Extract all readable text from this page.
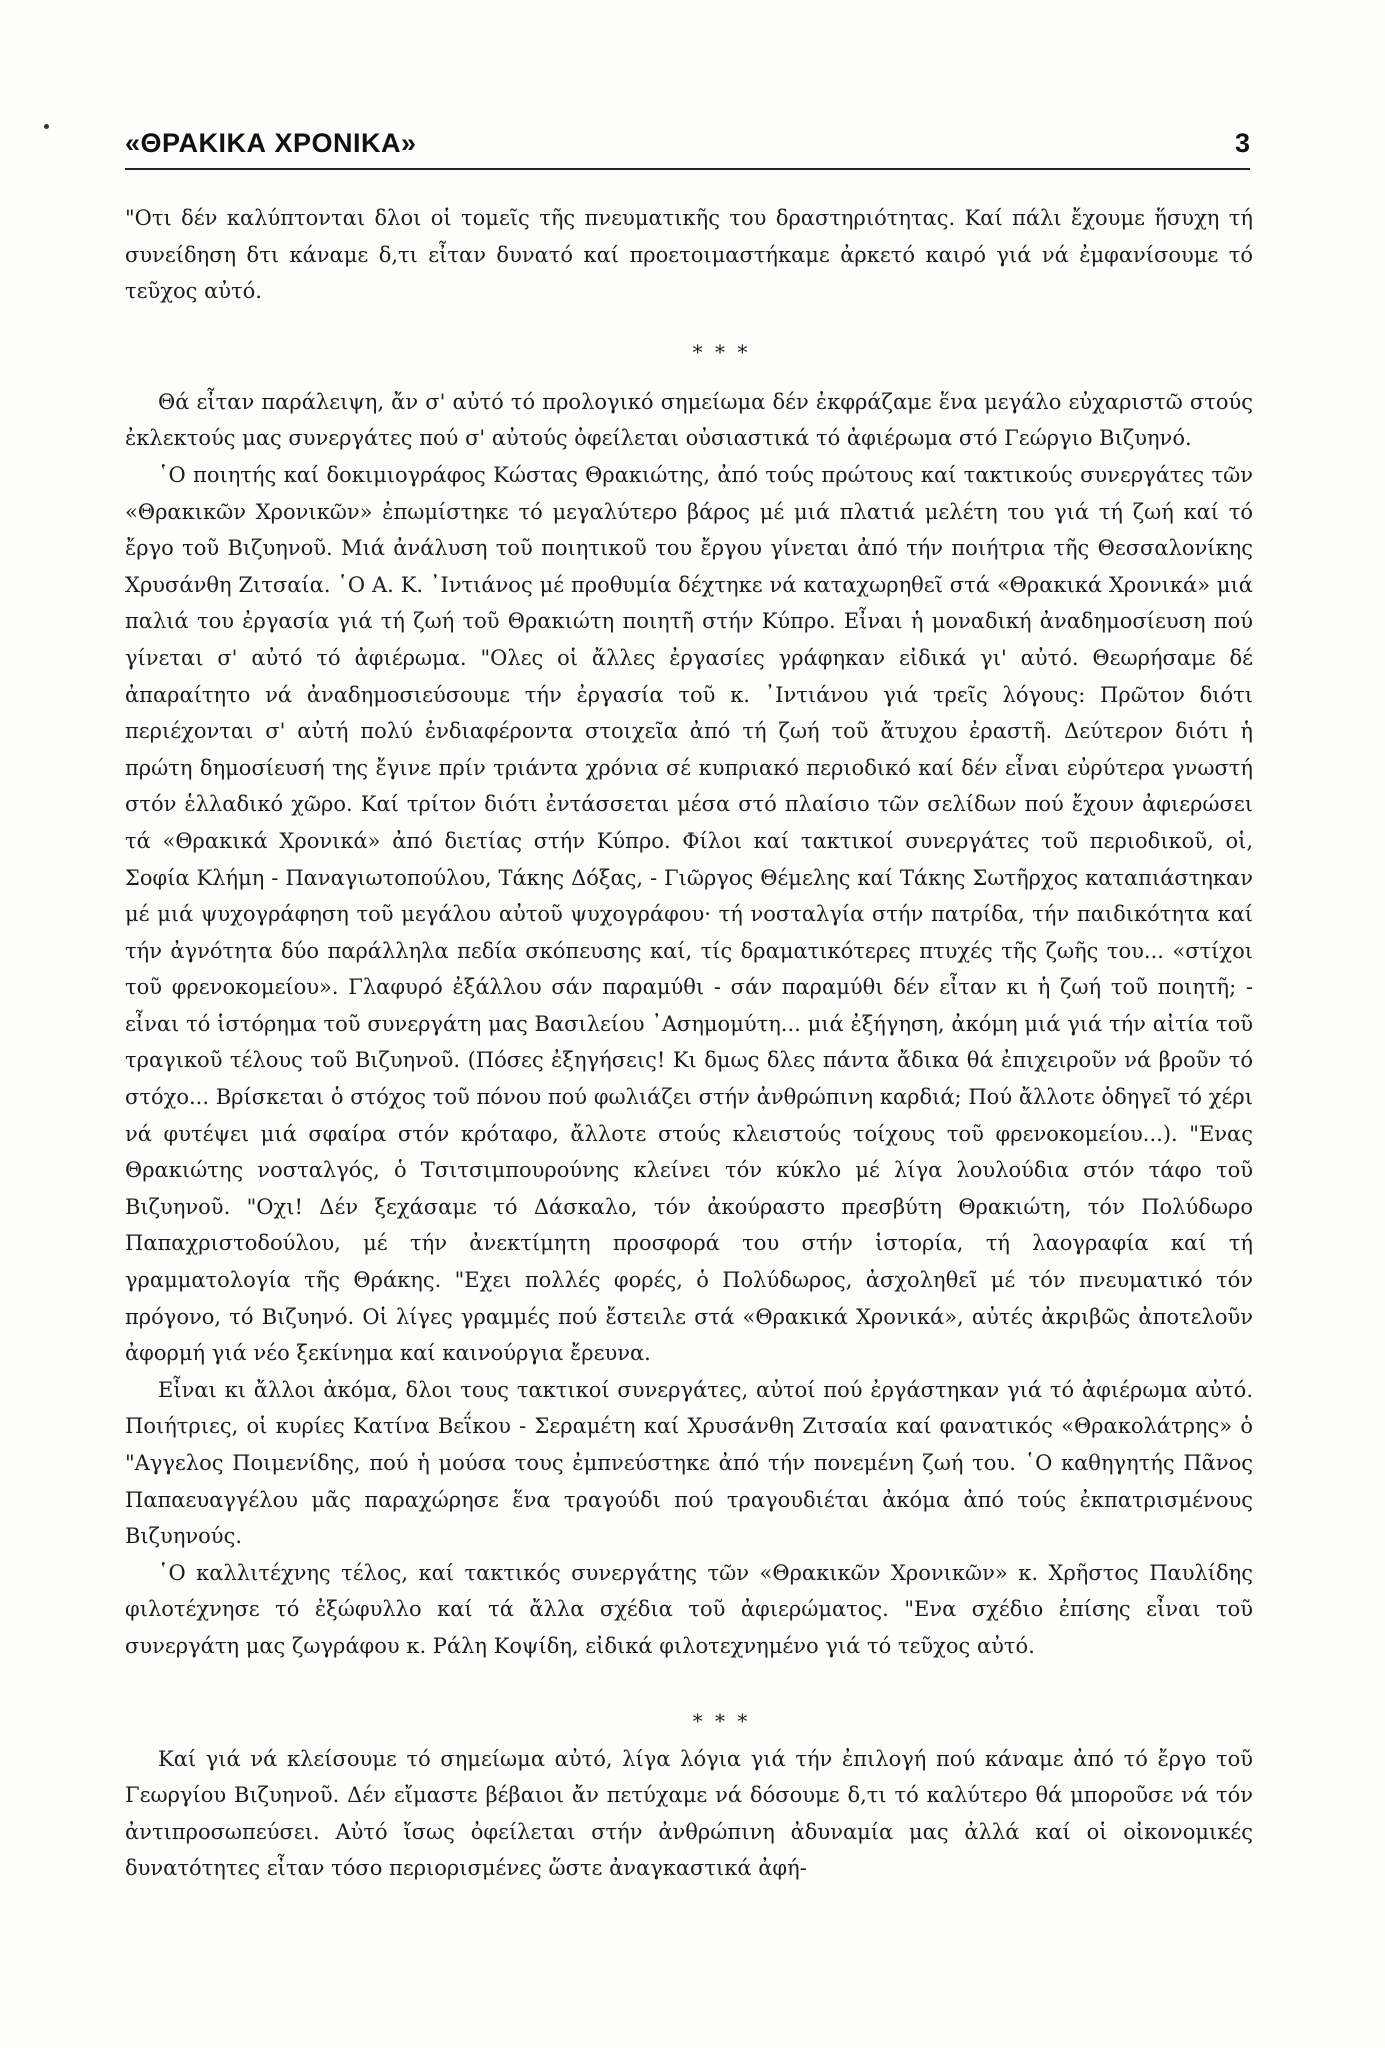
«ΘΡΑΚΙΚΑ ΧΡΟΝΙΚΑ»	3

"Οτι δέν καλύπτονται δλοι οἱ τομεῖς τῆς πνευματικῆς του δραστηριότητας. Καί πάλι ἔχουμε ἥσυχη τή συνείδηση δτι κάναμε δ,τι εἶταν δυνατό καί προετοιμαστήκαμε ἀρκετό καιρό γιά νά ἐμφανίσουμε τό τεῦχος αὐτό.

* * *

Θά εἶταν παράλειψη, ἄν σ' αὐτό τό προλογικό σημείωμα δέν ἐκφράζαμε ἕνα μεγάλο εὐχαριστῶ στούς ἐκλεκτούς μας συνεργάτες πού σ' αὐτούς ὀφείλεται οὐσιαστικά τό ἀφιέρωμα στό Γεώργιο Βιζυηνό.

῾Ο ποιητής καί δοκιμιογράφος Κώστας Θρακιώτης, ἀπό τούς πρώτους καί τακτικούς συνεργάτες τῶν «Θρακικῶν Χρονικῶν» ἐπωμίστηκε τό μεγαλύτερο βάρος μέ μιά πλατιά μελέτη του γιά τή ζωή καί τό ἔργο τοῦ Βιζυηνοῦ. Μιά ἀνάλυση τοῦ ποιητικοῦ του ἔργου γίνεται ἀπό τήν ποιήτρια τῆς Θεσσαλονίκης Χρυσάνθη Ζιτσαία. ῾Ο Α. Κ. ᾿Ιντιάνος μέ προθυμία δέχτηκε νά καταχωρηθεῖ στά «Θρακικά Χρονικά» μιά παλιά του ἐργασία γιά τή ζωή τοῦ Θρακιώτη ποιητῆ στήν Κύπρο. Εἶναι ἡ μοναδική ἀναδημοσίευση πού γίνεται σ' αὐτό τό ἀφιέρωμα. "Ολες οἱ ἄλλες ἐργασίες γράφηκαν εἰδικά γι' αὐτό. Θεωρήσαμε δέ ἀπαραίτητο νά ἀναδημοσιεύσουμε τήν ἐργασία τοῦ κ. ᾿Ιντιάνου γιά τρεῖς λόγους: Πρῶτον διότι περιέχονται σ' αὐτή πολύ ἐνδιαφέροντα στοιχεῖα ἀπό τή ζωή τοῦ ἄτυχου ἐραστῆ. Δεύτερον διότι ἡ πρώτη δημοσίευσή της ἔγινε πρίν τριάντα χρόνια σέ κυπριακό περιοδικό καί δέν εἶναι εὐρύτερα γνωστή στόν ἑλλαδικό χῶρο. Καί τρίτον διότι ἐντάσσεται μέσα στό πλαίσιο τῶν σελίδων πού ἔχουν ἀφιερώσει τά «Θρακικά Χρονικά» ἀπό διετίας στήν Κύπρο. Φίλοι καί τακτικοί συνεργάτες τοῦ περιοδικοῦ, οἱ, Σοφία Κλήμη - Παναγιωτοπούλου, Τάκης Δόξας, - Γιῶργος Θέμελης καί Τάκης Σωτῆρχος καταπιάστηκαν μέ μιά ψυχογράφηση τοῦ μεγάλου αὐτοῦ ψυχογράφου· τή νοσταλγία στήν πατρίδα, τήν παιδικότητα καί τήν ἀγνότητα δύο παράλληλα πεδία σκόπευσης καί, τίς δραματικότερες πτυχές τῆς ζωῆς του... «στίχοι τοῦ φρενοκομείου». Γλαφυρό ἐξάλλου σάν παραμύθι - σάν παραμύθι δέν εἶταν κι ἡ ζωή τοῦ ποιητῆ; - εἶναι τό ἱστόρημα τοῦ συνεργάτη μας Βασιλείου ᾿Ασημομύτη... μιά ἐξήγηση, ἀκόμη μιά γιά τήν αἰτία τοῦ τραγικοῦ τέλους τοῦ Βιζυηνοῦ. (Πόσες ἐξηγήσεις! Κι δμως δλες πάντα ἄδικα θά ἐπιχειροῦν νά βροῦν τό στόχο... Βρίσκεται ὁ στόχος τοῦ πόνου πού φωλιάζει στήν ἀνθρώπινη καρδιά; Πού ἄλλοτε ὁδηγεῖ τό χέρι νά φυτέψει μιά σφαίρα στόν κρόταφο, ἄλλοτε στούς κλειστούς τοίχους τοῦ φρενοκομείου...). "Ενας Θρακιώτης νοσταλγός, ὁ Τσιτσιμπουρούνης κλείνει τόν κύκλο μέ λίγα λουλούδια στόν τάφο τοῦ Βιζυηνοῦ. "Οχι! Δέν ξεχάσαμε τό Δάσκαλο, τόν ἀκούραστο πρεσβύτη Θρακιώτη, τόν Πολύδωρο Παπαχριστοδούλου, μέ τήν ἀνεκτίμητη προσφορά του στήν ἱστορία, τή λαογραφία καί τή γραμματολογία τῆς Θράκης. "Εχει πολλές φορές, ὁ Πολύδωρος, ἀσχοληθεῖ μέ τόν πνευματικό τόν πρόγονο, τό Βιζυηνό. Οἱ λίγες γραμμές πού ἔστειλε στά «Θρακικά Χρονικά», αὐτές ἀκριβῶς ἀποτελοῦν ἀφορμή γιά νέο ξεκίνημα καί καινούργια ἔρευνα.

Εἶναι κι ἄλλοι ἀκόμα, δλοι τους τακτικοί συνεργάτες, αὐτοί πού ἐργάστηκαν γιά τό ἀφιέρωμα αὐτό. Ποιήτριες, οἱ κυρίες Κατίνα Βεΐκου - Σεραμέτη καί Χρυσάνθη Ζιτσαία καί φανατικός «Θρακολάτρης» ὁ "Αγγελος Ποιμενίδης, πού ἡ μούσα τους ἐμπνεύστηκε ἀπό τήν πονεμένη ζωή του. ῾Ο καθηγητής Πᾶνος Παπαευαγγέλου μᾶς παραχώρησε ἕνα τραγούδι πού τραγουδιέται ἀκόμα ἀπό τούς ἐκπατρισμένους Βιζυηνούς.

῾Ο καλλιτέχνης τέλος, καί τακτικός συνεργάτης τῶν «Θρακικῶν Χρονικῶν» κ. Χρῆστος Παυλίδης φιλοτέχνησε τό ἐξώφυλλο καί τά ἄλλα σχέδια τοῦ ἀφιερώματος. "Ενα σχέδιο ἐπίσης εἶναι τοῦ συνεργάτη μας ζωγράφου κ. Ράλη Κοψίδη, εἰδικά φιλοτεχνημένο γιά τό τεῦχος αὐτό.

* * *

Καί γιά νά κλείσουμε τό σημείωμα αὐτό, λίγα λόγια γιά τήν ἐπιλογή πού κάναμε ἀπό τό ἔργο τοῦ Γεωργίου Βιζυηνοῦ. Δέν εἴμαστε βέβαιοι ἄν πετύχαμε νά δόσουμε δ,τι τό καλύτερο θά μποροῦσε νά τόν ἀντιπροσωπεύσει. Αὐτό ἴσως ὀφείλεται στήν ἀνθρώπινη ἀδυναμία μας ἀλλά καί οἱ οἰκονομικές δυνατότητες εἶταν τόσο περιορισμένες ὥστε ἀναγκαστικά ἀφή-
